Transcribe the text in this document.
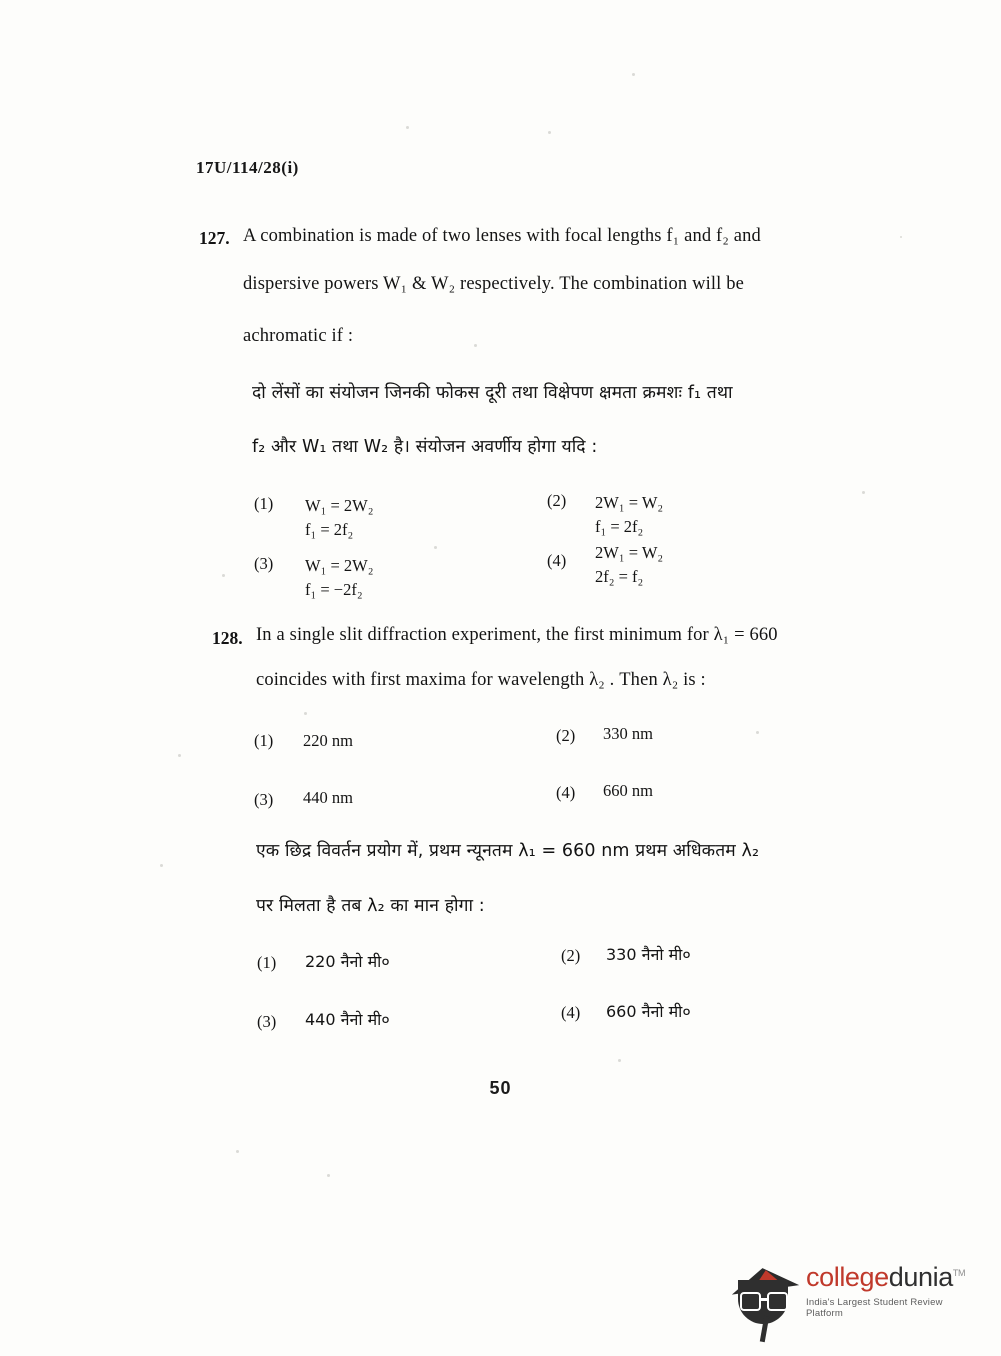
17U/114/28(i)
127. A combination is made of two lenses with focal lengths f₁ and f₂ and
dispersive powers W₁ & W₂ respectively. The combination will be
achromatic if :
दो लेंसों का संयोजन जिनकी फोकस दूरी तथा विक्षेपण क्षमता क्रमशः f₁ तथा
f₂ और W₁ तथा W₂ है। संयोजन अवर्णीय होगा यदि :
(1) W₁ = 2W₂
f₁ = 2f₂
(2) 2W₁ = W₂
f₁ = 2f₂
(3) W₁ = 2W₂
f₁ = −2f₂
(4) 2W₁ = W₂
2f₂ = f₂
128. In a single slit diffraction experiment, the first minimum for λ₁ = 660
coincides with first maxima for wavelength λ₂ . Then λ₂ is :
(1) 220 nm	(2) 330 nm
(3) 440 nm	(4) 660 nm
एक छिद्र विवर्तन प्रयोग में, प्रथम न्यूनतम λ₁ = 660 nm प्रथम अधिकतम λ₂
पर मिलता है तब λ₂ का मान होगा :
(1) 220 नैनो मी०	(2) 330 नैनो मी०
(3) 440 नैनो मी०	(4) 660 नैनो मी०
50
collegedunia™
India's Largest Student Review Platform
